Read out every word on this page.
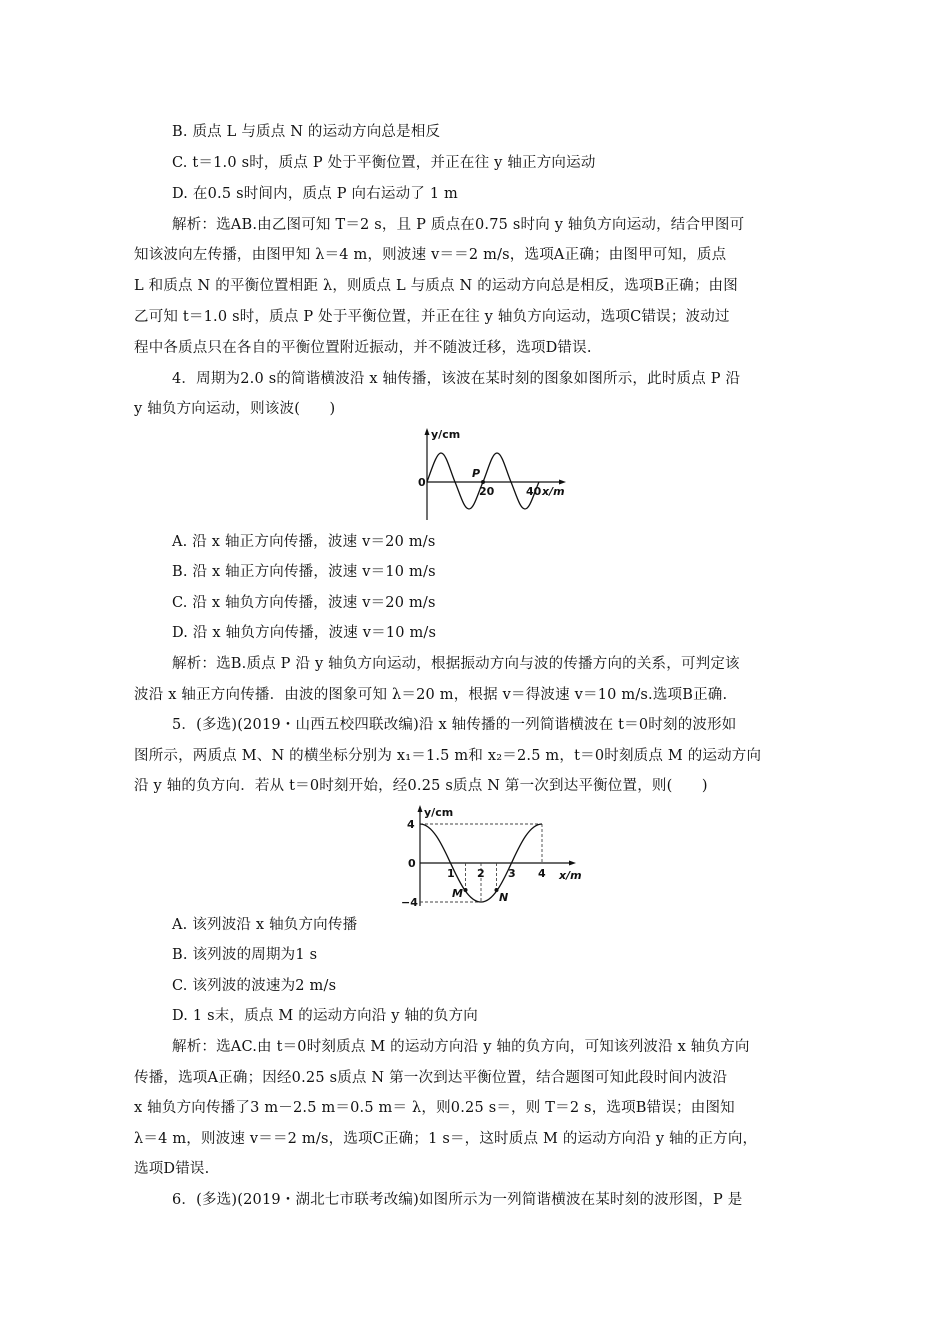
B. 质点 L 与质点 N 的运动方向总是相反
C. t＝1.0 s时，质点 P 处于平衡位置，并正在往 y 轴正方向运动
D. 在0.5 s时间内，质点 P 向右运动了 1 m
解析：选AB.由乙图可知 T＝2 s，且 P 质点在0.75 s时向 y 轴负方向运动，结合甲图可
知该波向左传播，由图甲知 λ＝4 m，则波速 v＝＝2 m/s，选项A正确；由图甲可知，质点
L 和质点 N 的平衡位置相距 λ，则质点 L 与质点 N 的运动方向总是相反，选项B正确；由图
乙可知 t＝1.0 s时，质点 P 处于平衡位置，并正在往 y 轴负方向运动，选项C错误；波动过
程中各质点只在各自的平衡位置附近振动，并不随波迁移，选项D错误.
4．周期为2.0 s的简谐横波沿 x 轴传播，该波在某时刻的图象如图所示，此时质点 P 沿
y 轴负方向运动，则该波(　　)
y/cm
0
P
20	40 x/m
A. 沿 x 轴正方向传播，波速 v＝20 m/s
B. 沿 x 轴正方向传播，波速 v＝10 m/s
C. 沿 x 轴负方向传播，波速 v＝20 m/s
D. 沿 x 轴负方向传播，波速 v＝10 m/s
解析：选B.质点 P 沿 y 轴负方向运动，根据振动方向与波的传播方向的关系，可判定该
波沿 x 轴正方向传播．由波的图象可知 λ＝20 m，根据 v＝得波速 v＝10 m/s.选项B正确.
5．(多选)(2019・山西五校四联改编)沿 x 轴传播的一列简谐横波在 t＝0时刻的波形如
图所示，两质点 M、N 的横坐标分别为 x₁＝1.5 m和 x₂＝2.5 m，t＝0时刻质点 M 的运动方向
沿 y 轴的负方向．若从 t＝0时刻开始，经0.25 s质点 N 第一次到达平衡位置，则(　　)
y/cm
4
0
−4
1 2 3 4 x/m
M	N
A. 该列波沿 x 轴负方向传播
B. 该列波的周期为1 s
C. 该列波的波速为2 m/s
D. 1 s末，质点 M 的运动方向沿 y 轴的负方向
解析：选AC.由 t＝0时刻质点 M 的运动方向沿 y 轴的负方向，可知该列波沿 x 轴负方向
传播，选项A正确；因经0.25 s质点 N 第一次到达平衡位置，结合题图可知此段时间内波沿
x 轴负方向传播了3 m－2.5 m＝0.5 m＝ λ，则0.25 s＝，则 T＝2 s，选项B错误；由图知
λ＝4 m，则波速 v＝＝2 m/s，选项C正确；1 s＝，这时质点 M 的运动方向沿 y 轴的正方向，
选项D错误.
6．(多选)(2019・湖北七市联考改编)如图所示为一列简谐横波在某时刻的波形图，P 是
